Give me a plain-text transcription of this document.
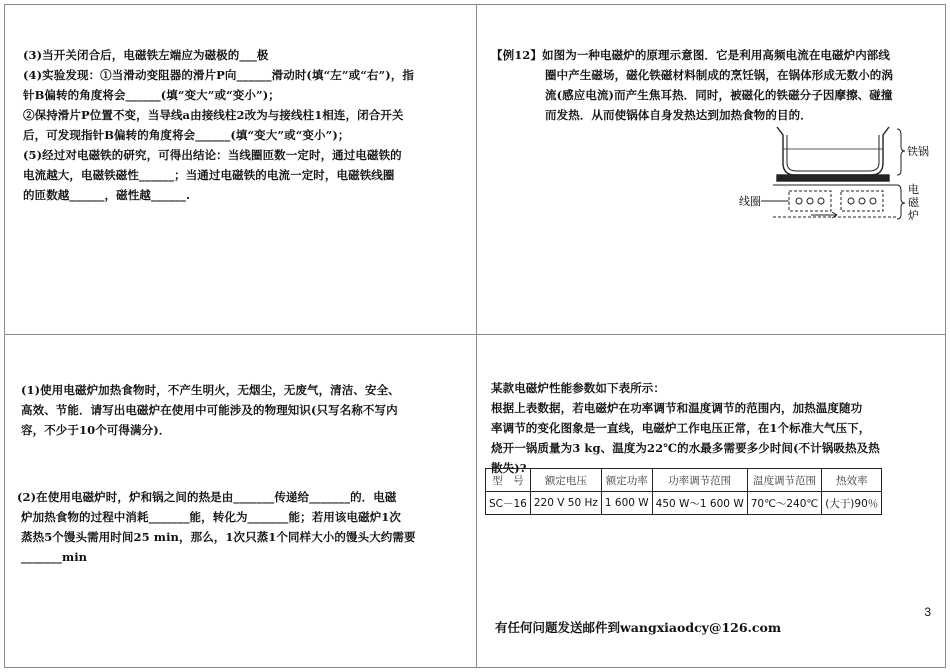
(3)当开关闭合后，电磁铁左端应为磁极的___极

(4)实验发现：①当滑动变阻器的滑片P向______滑动时(填“左”或“右”)，指

针B偏转的角度将会______(填“变大”或“变小”)；

②保持滑片P位置不变，当导线a由接线柱2改为与接线柱1相连，闭合开关

后，可发现指针B偏转的角度将会______(填“变大”或“变小”)；

(5)经过对电磁铁的研究，可得出结论：当线圈匝数一定时，通过电磁铁的

电流越大，电磁铁磁性______；当通过电磁铁的电流一定时，电磁铁线圈

的匝数越______，磁性越______.

【例12】如图为一种电磁炉的原理示意图．它是利用高频电流在电磁炉内部线

圈中产生磁场，磁化铁磁材料制成的烹饪锅，在锅体形成无数小的涡

流(感应电流)而产生焦耳热．同时，被磁化的铁磁分子因摩擦、碰撞

而发热．从而使锅体自身发热达到加热食物的目的．

铁锅
线圈
电
磁
炉

(1)使用电磁炉加热食物时，不产生明火，无烟尘，无废气，清洁、安全、

高效、节能．请写出电磁炉在使用中可能涉及的物理知识(只写名称不写内

容，不少于10个可得满分)．

(2)在使用电磁炉时，炉和锅之间的热是由_______传递给_______的．电磁

炉加热食物的过程中消耗_______能，转化为_______能；若用该电磁炉1次

蒸热5个馒头需用时间25 min，那么，1次只蒸1个同样大小的馒头大约需要

_______min

某款电磁炉性能参数如下表所示：

根据上表数据，若电磁炉在功率调节和温度调节的范围内，加热温度随功

率调节的变化图象是一直线，电磁炉工作电压正常，在1个标准大气压下，

烧开一锅质量为3 kg、温度为22℃的水最多需要多少时间(不计锅吸热及热

散失)?

型　号	额定电压	额定功率	功率调节范围	温度调节范围	热效率
SC－16	220 V 50 Hz	1 600 W	450 W～1 600 W	70℃～240℃	(大于)90％

有任何问题发送邮件到wangxiaodcy@126.com

3
